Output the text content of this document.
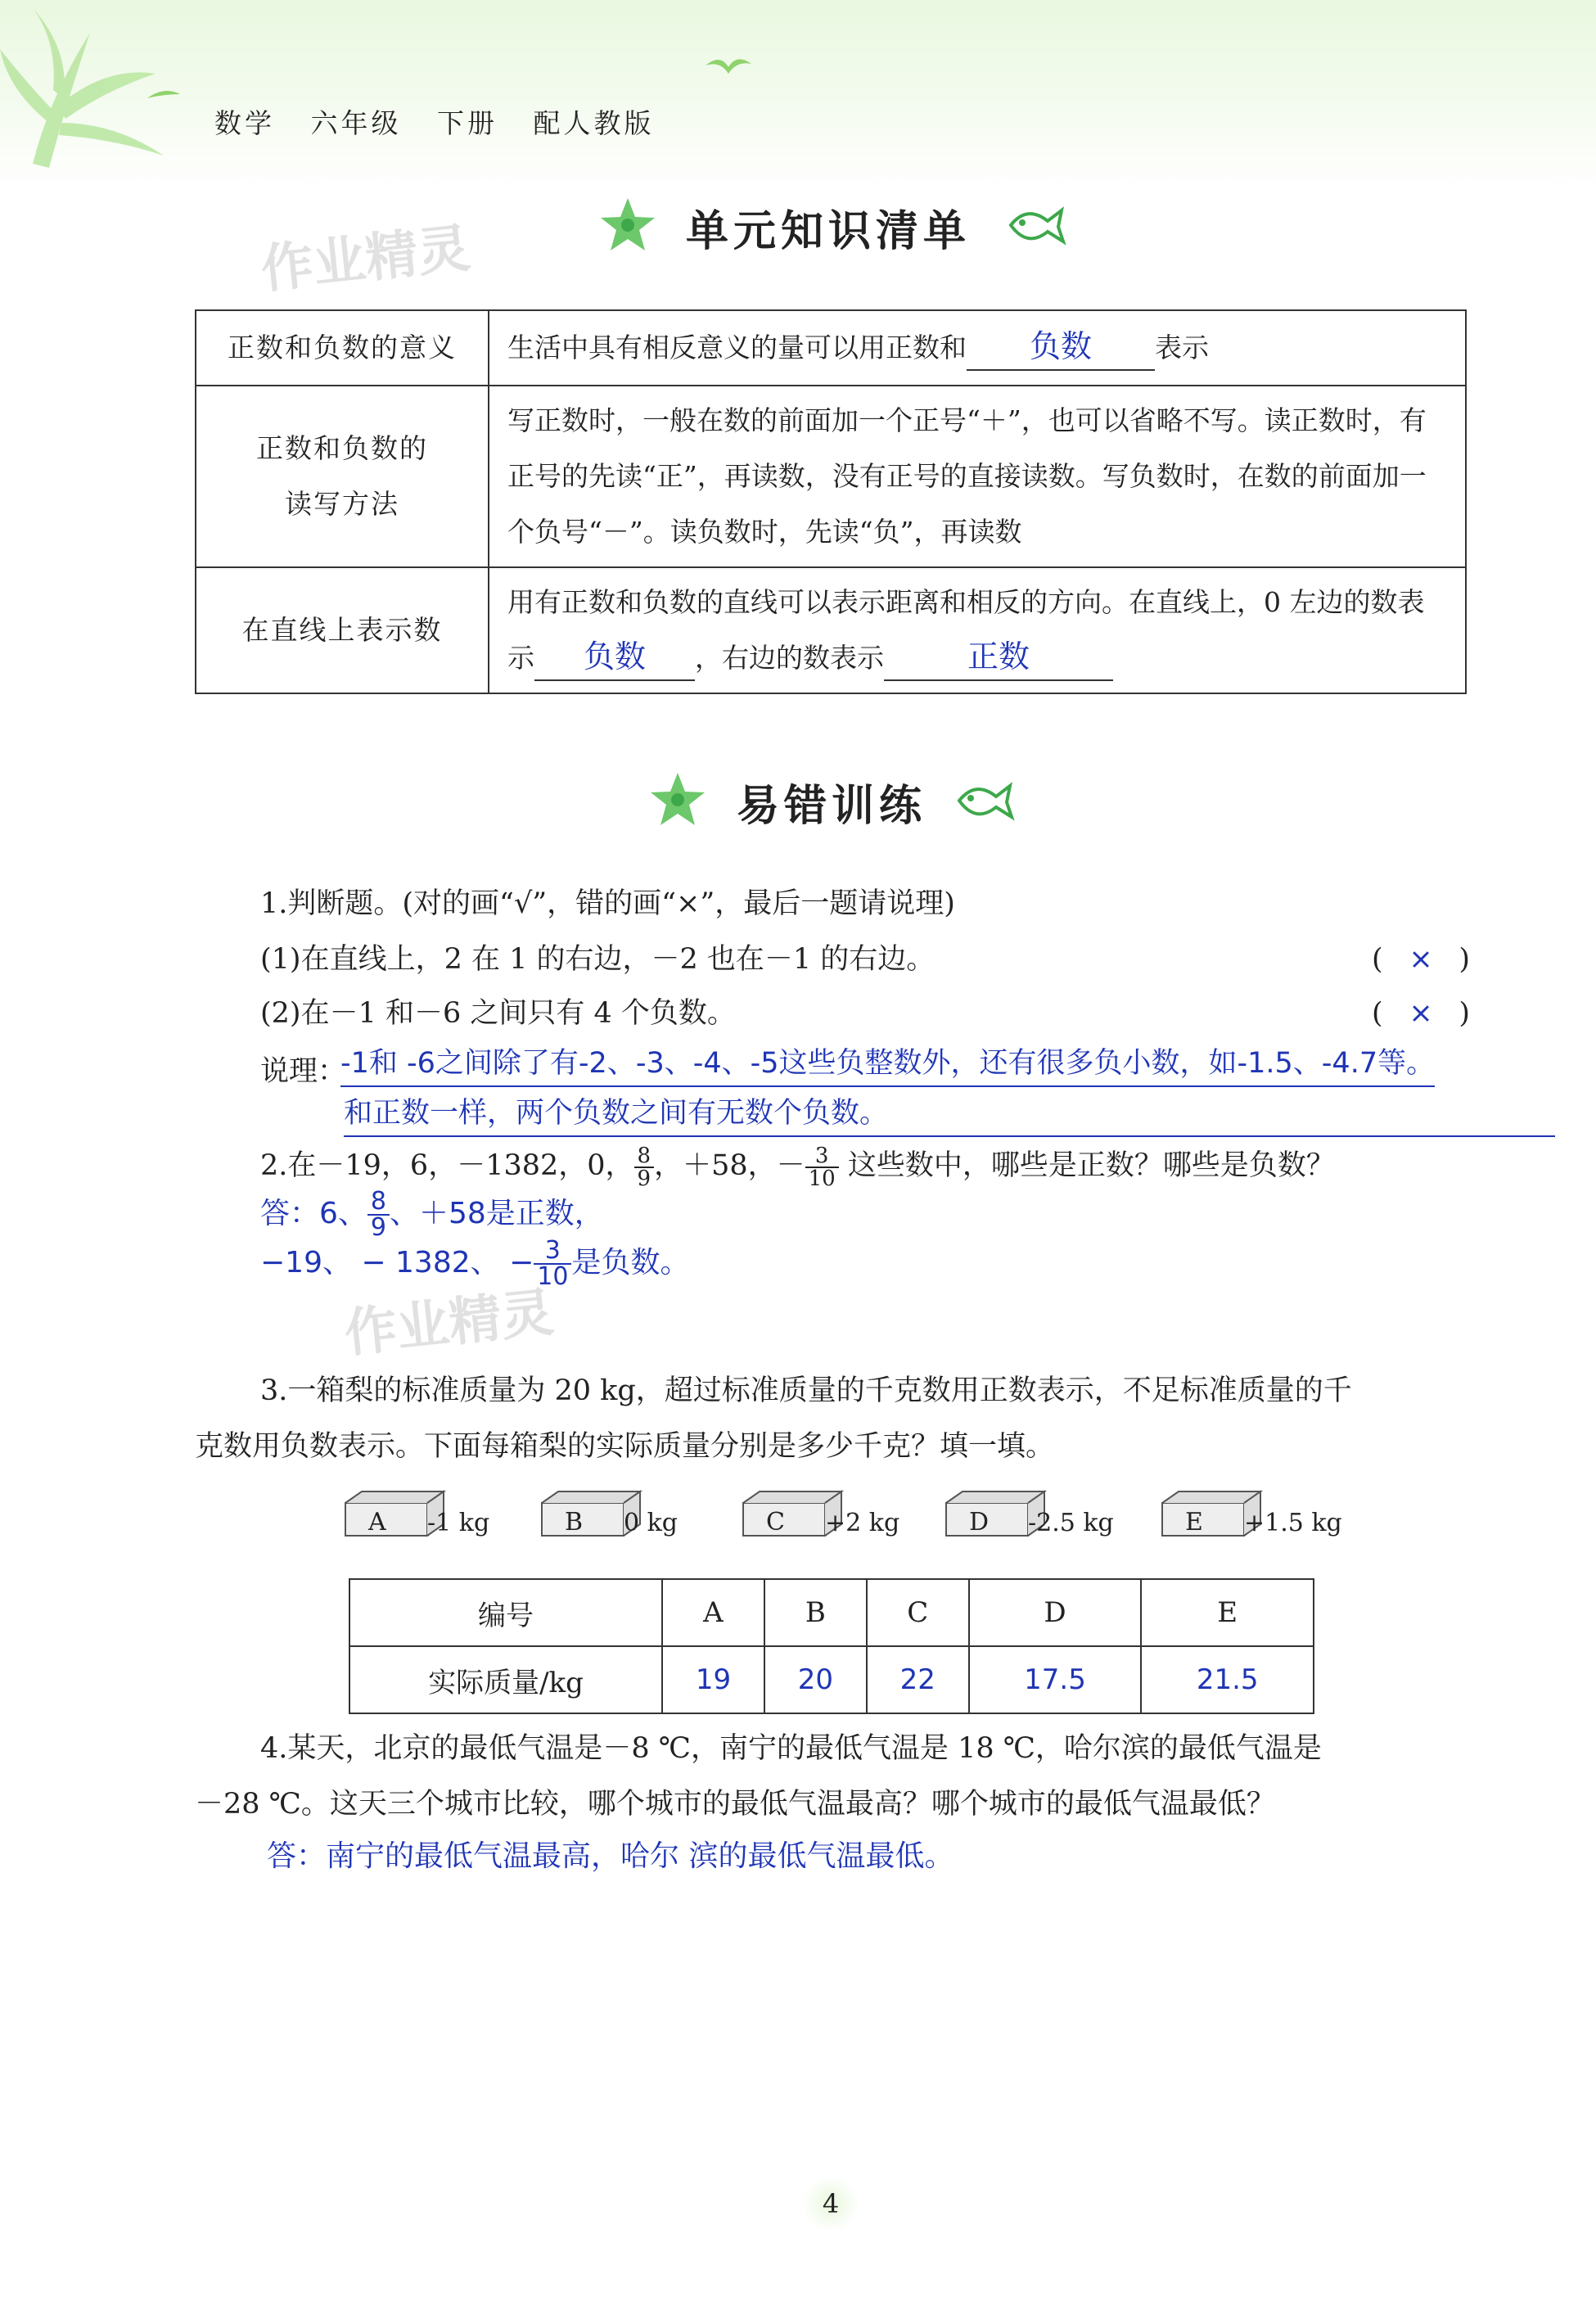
数学 六年级 下册 配人教版
单元知识清单
作业精灵
正数和负数的意义	生活中具有相反意义的量可以用正数和 负数 表示

正数和负数的
读写方法	写正数时，一般在数的前面加一个正号“＋”，也可以省略不写。读正数时，有正号的先读“正”，再读数，没有正号的直接读数。写负数时，在数的前面加一个负号“－”。读负数时，先读“负”，再读数
在直线上表示数	用有正数和负数的直线可以表示距离和相反的方向。在直线上，0 左边的数表示 负数 ，右边的数表示 正数
易错训练
1.判断题。(对的画“√”，错的画“×”，最后一题请说理)
(1)在直线上，2 在 1 的右边，－2 也在－1 的右边。	( × )
(2)在－1 和－6 之间只有 4 个负数。	( × )
说理：
-1和 -6之间除了有-2、-3、-4、-5这些负整数外，还有很多负小数，如-1.5、-4.7等。
和正数一样，两个负数之间有无数个负数。
2.在－19，6，－1382，0， $\frac{8}{9}$ ，＋58，－ $\frac{3}{10}$ 这些数中，哪些是正数？哪些是负数？
答：6、 $\frac{8}{9}$ 、＋58是正数，
−19、 − 1382、 − $\frac{3}{10}$ 是负数。
作业精灵
3.一箱梨的标准质量为 20 kg，超过标准质量的千克数用正数表示，不足标准质量的千
克数用负数表示。下面每箱梨的实际质量分别是多少千克？填一填。
A -1 kg	B 0 kg	C +2 kg	D -2.5 kg	E +1.5 kg
编号	A	B	C	D	E
实际质量/kg	19	20	22	17.5	21.5
4.某天，北京的最低气温是－8 ℃，南宁的最低气温是 18 ℃，哈尔滨的最低气温是
－28 ℃。这天三个城市比较，哪个城市的最低气温最高？哪个城市的最低气温最低？
答：南宁的最低气温最高，哈尔 滨的最低气温最低。
4
